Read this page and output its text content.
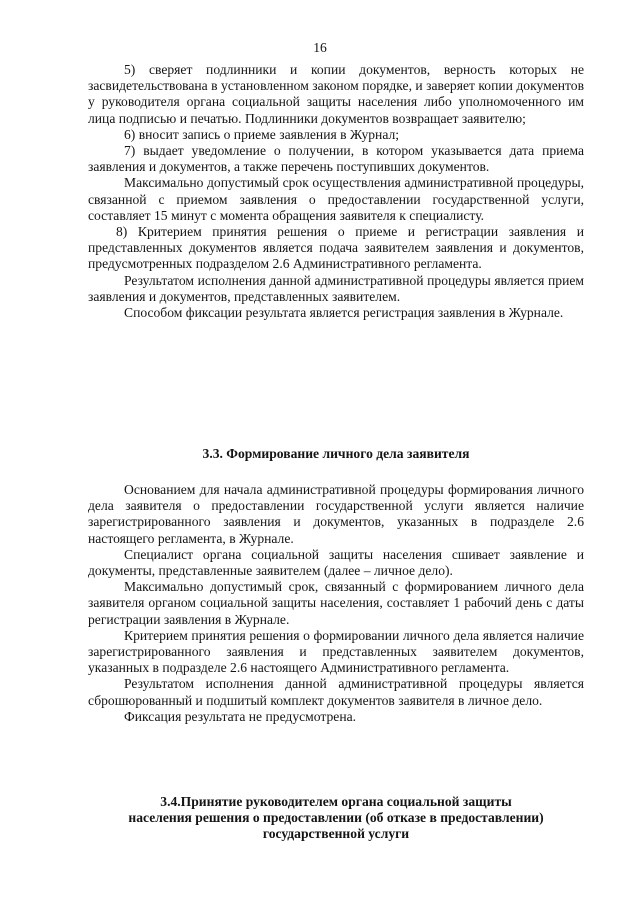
16

5) сверяет подлинники и копии документов, верность которых не засвидетельствована в установленном законом порядке, и заверяет копии документов у руководителя органа социальной защиты населения либо уполномоченного им лица подписью и печатью. Подлинники документов возвращает заявителю;

6) вносит запись о приеме заявления в Журнал;

7) выдает уведомление о получении, в котором указывается дата приема заявления и документов, а также перечень поступивших документов.

Максимально допустимый срок осуществления административной процедуры, связанной с приемом заявления о предоставлении государственной услуги, составляет 15 минут с момента обращения заявителя к специалисту.

8) Критерием принятия решения о приеме и регистрации заявления и представленных документов является подача заявителем заявления и документов, предусмотренных подразделом 2.6 Административного регламента.

Результатом исполнения данной административной процедуры является прием заявления и документов, представленных заявителем.

Способом фиксации результата является регистрация заявления в Журнале.

3.3. Формирование личного дела заявителя

Основанием для начала административной процедуры формирования личного дела заявителя о предоставлении государственной услуги является наличие зарегистрированного заявления и документов, указанных в подразделе 2.6 настоящего регламента, в Журнале.

Специалист органа социальной защиты населения сшивает заявление и документы, представленные заявителем (далее – личное дело).

Максимально допустимый срок, связанный с формированием личного дела заявителя органом социальной защиты населения, составляет 1 рабочий день с даты регистрации заявления в Журнале.

Критерием принятия решения о формировании личного дела является наличие зарегистрированного заявления и представленных заявителем документов, указанных в подразделе 2.6 настоящего Административного регламента.

Результатом исполнения данной административной процедуры является сброшюрованный и подшитый комплект документов заявителя в личное дело.

Фиксация результата не предусмотрена.

3.4.Принятие руководителем органа социальной защиты
населения решения о предоставлении (об отказе в предоставлении)
государственной услуги
